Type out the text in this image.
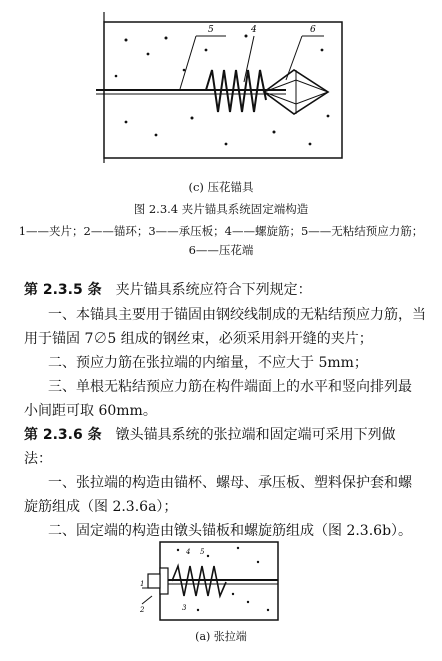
5	4	6
(c) 压花锚具
图 2.3.4 夹片锚具系统固定端构造
1——夹片；2——锚环；3——承压板；4——螺旋筋；5——无粘结预应力筋；
6——压花端
第 2.3.5 条 夹片锚具系统应符合下列规定：
一、本锚具主要用于锚固由钢绞线制成的无粘结预应力筋，当
用于锚固 7∅5 组成的钢丝束，必须采用斜开缝的夹片；
二、预应力筋在张拉端的内缩量，不应大于 5mm；
三、单根无粘结预应力筋在构件端面上的水平和竖向排列最
小间距可取 60mm。
第 2.3.6 条 镦头锚具系统的张拉端和固定端可采用下列做
法：
一、张拉端的构造由锚杯、螺母、承压板、塑料保护套和螺
旋筋组成（图 2.3.6a）；
二、固定端的构造由镦头锚板和螺旋筋组成（图 2.3.6b）。
4 5
1
2	3
(a) 张拉端
